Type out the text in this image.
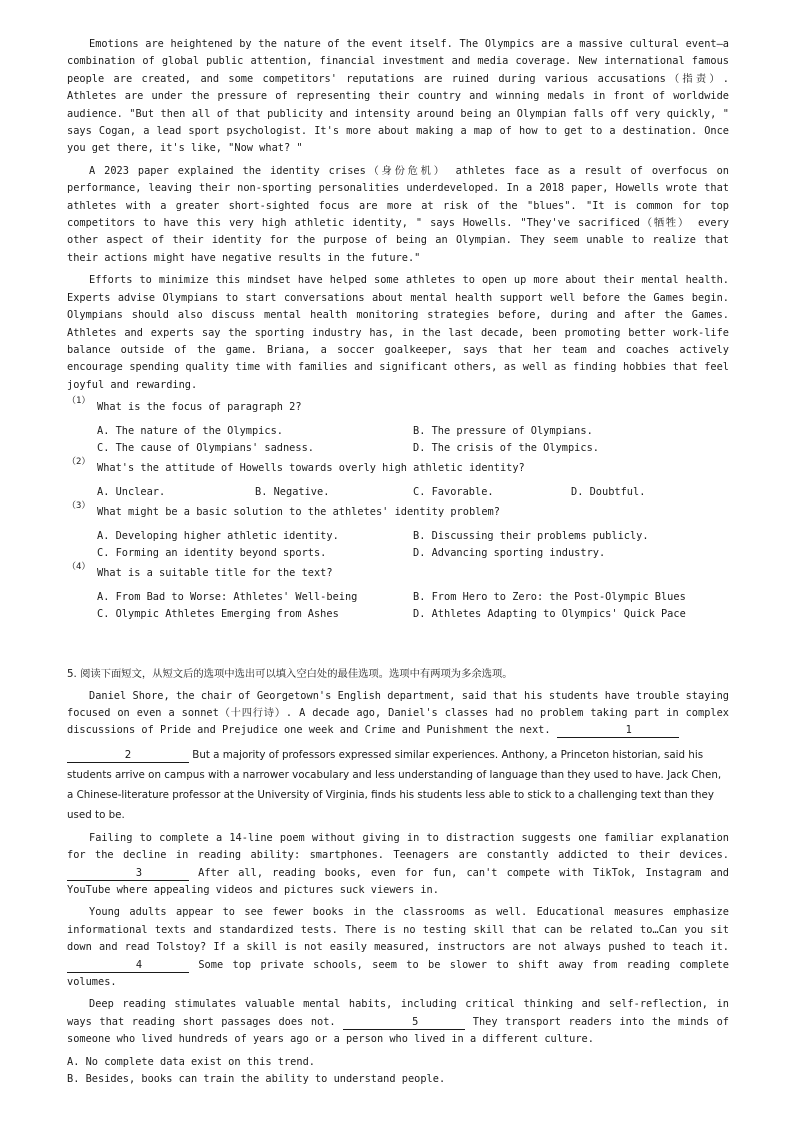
Emotions are heightened by the nature of the event itself. The Olympics are a massive cultural event—a combination of global public attention, financial investment and media coverage. New international famous people are created, and some competitors' reputations are ruined during various accusations（指责）. Athletes are under the pressure of representing their country and winning medals in front of worldwide audience. "But then all of that publicity and intensity around being an Olympian falls off very quickly, " says Cogan, a lead sport psychologist. It's more about making a map of how to get to a destination. Once you get there, it's like, "Now what? "

A 2023 paper explained the identity crises（身份危机） athletes face as a result of overfocus on performance, leaving their non-sporting personalities underdeveloped. In a 2018 paper, Howells wrote that athletes with a greater short-sighted focus are more at risk of the "blues". "It is common for top competitors to have this very high athletic identity, " says Howells. "They've sacrificed（牺牲） every other aspect of their identity for the purpose of being an Olympian. They seem unable to realize that their actions might have negative results in the future."

Efforts to minimize this mindset have helped some athletes to open up more about their mental health. Experts advise Olympians to start conversations about mental health support well before the Games begin. Olympians should also discuss mental health monitoring strategies before, during and after the Games. Athletes and experts say the sporting industry has, in the last decade, been promoting better work-life balance outside of the game. Briana, a soccer goalkeeper, says that her team and coaches actively encourage spending quality time with families and significant others, as well as finding hobbies that feel joyful and rewarding.

（1） What is the focus of paragraph 2?
A. The nature of the Olympics.	B. The pressure of Olympians.
C. The cause of Olympians' sadness.	D. The crisis of the Olympics.
（2） What's the attitude of Howells towards overly high athletic identity?
A. Unclear.	B. Negative.	C. Favorable.	D. Doubtful.
（3） What might be a basic solution to the athletes' identity problem?
A. Developing higher athletic identity.	B. Discussing their problems publicly.
C. Forming an identity beyond sports.	D. Advancing sporting industry.
（4） What is a suitable title for the text?
A. From Bad to Worse: Athletes' Well-being	B. From Hero to Zero: the Post-Olympic Blues
C. Olympic Athletes Emerging from Ashes	D. Athletes Adapting to Olympics' Quick Pace
5. 阅读下面短文，从短文后的选项中选出可以填入空白处的最佳选项。选项中有两项为多余选项。

Daniel Shore, the chair of Georgetown's English department, said that his students have trouble staying focused on even a sonnet（十四行诗）. A decade ago, Daniel's classes had no problem taking part in complex discussions of Pride and Prejudice one week and Crime and Punishment the next.	1

2	But a majority of professors expressed similar experiences. Anthony, a Princeton historian, said his students arrive on campus with a narrower vocabulary and less understanding of language than they used to have. Jack Chen, a Chinese-literature professor at the University of Virginia, finds his students less able to stick to a challenging text than they used to be.

Failing to complete a 14-line poem without giving in to distraction suggests one familiar explanation for the decline in reading ability: smartphones. Teenagers are constantly addicted to their devices. 3	After all, reading books, even for fun, can't compete with TikTok, Instagram and YouTube where appealing videos and pictures suck viewers in.

Young adults appear to see fewer books in the classrooms as well. Educational measures emphasize informational texts and standardized tests. There is no testing skill that can be related to…Can you sit down and read Tolstoy? If a skill is not easily measured, instructors are not always pushed to teach it. 4	Some top private schools, seem to be slower to shift away from reading complete volumes.

Deep reading stimulates valuable mental habits, including critical thinking and self-reflection, in ways that reading short passages does not.	5	They transport readers into the minds of someone who lived hundreds of years ago or a person who lived in a different culture.

A. No complete data exist on this trend.

B. Besides, books can train the ability to understand people.
